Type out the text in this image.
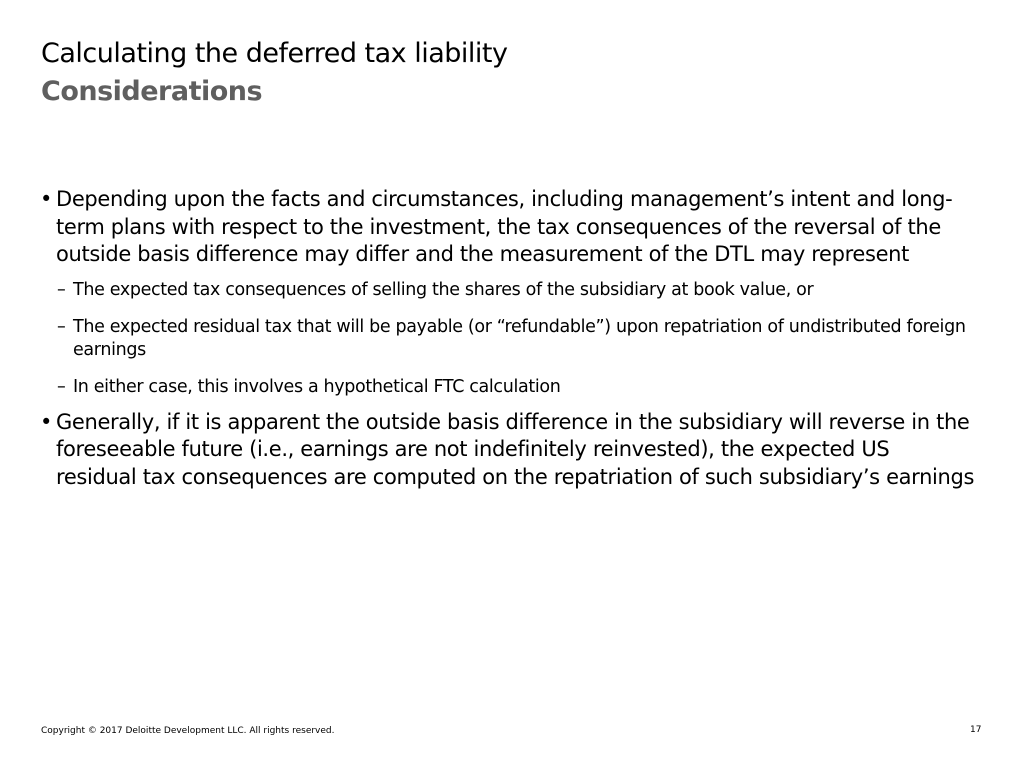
Calculating the deferred tax liability
Considerations
• Depending upon the facts and circumstances, including management’s intent and long-term plans with respect to the investment, the tax consequences of the reversal of the outside basis difference may differ and the measurement of the DTL may represent
– The expected tax consequences of selling the shares of the subsidiary at book value, or
– The expected residual tax that will be payable (or “refundable”) upon repatriation of undistributed foreign earnings
– In either case, this involves a hypothetical FTC calculation
• Generally, if it is apparent the outside basis difference in the subsidiary will reverse in the foreseeable future (i.e., earnings are not indefinitely reinvested), the expected US residual tax consequences are computed on the repatriation of such subsidiary’s earnings
Copyright © 2017 Deloitte Development LLC. All rights reserved.	17
